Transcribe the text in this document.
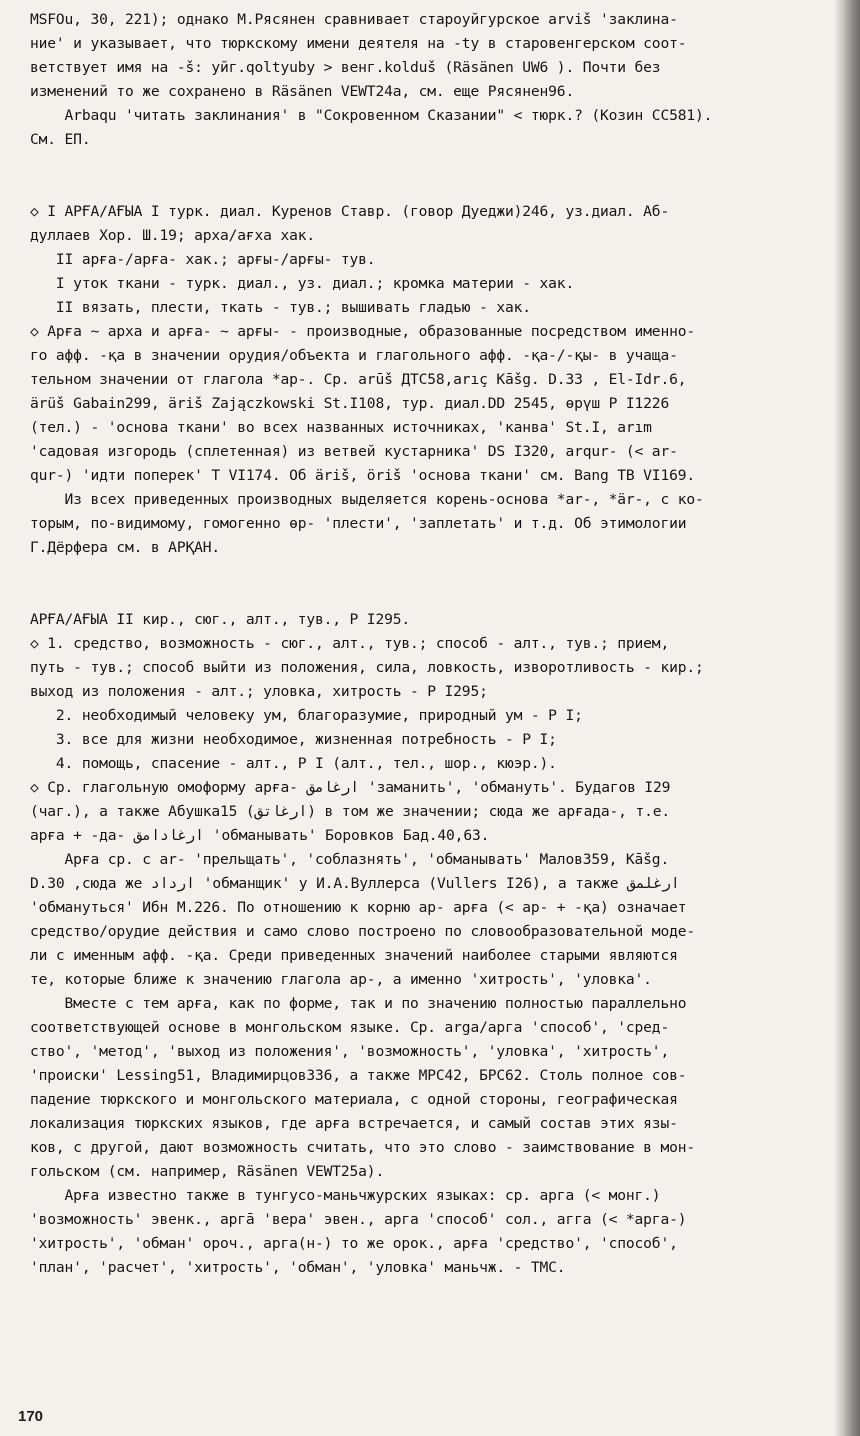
MSFOu, 30, 221); однако М.Рясянен сравнивает староуйгурское arviš 'заклина-
ние' и указывает, что тюркскому имени деятеля на -ty в старовенгерском соот-
ветствует имя на -š: уйг.qoltyuby > венг.kolduš (Räsänen UW6 ). Почти без
изменений то же сохранено в Räsänen VEWT24a, см. еще Рясянен96.
Arbaqu 'читать заклинания' в "Сокровенном Сказании" < тюрк.? (Козин СС581).
См. ЕП.
◇ I АРҒА/АҒЫА I турк. диал. Куренов Ставр. (говор Дуеджи)246, уз.диал. Аб-
дуллаев Хор. Ш.19; арха/ағха хак.
II арға-/арға- хак.; арғы-/арғы- тув.
I уток ткани - турк. диал., уз. диал.; кромка материи - хак.
II вязать, плести, ткать - тув.; вышивать гладью - хак.
◇ Арға ~ арха и арға- ~ арғы- - производные, образованные посредством именно-
го афф. -қа в значении орудия/объекта и глагольного афф. -қа-/-қы- в учаща-
тельном значении от глагола *ар-. Ср. arūš ДТС58,arıç Kāšg. D.33 , El-Idr.6,
ärüš Gabain299, äriš Zajączkowski St.I108, тур. диал.DD 2545, өрүш P I1226
(тел.) - 'основа ткани' во всех названных источниках, 'канва' St.I, arım
'садовая изгородь (сплетенная) из ветвей кустарника' DS I320, arqur- (< ar-
qur-) 'идти поперек' Т VI174. Об äriš, öriš 'основа ткани' см. Bang TB VI169.
Из всех приведенных производных выделяется корень-основа *ar-, *är-, с ко-
торым, по-видимому, гомогенно өр- 'плести', 'заплетать' и т.д. Об этимологии
Г.Дёрфера см. в АРҚАН.
АРҒА/АҒЫА II кир., сюг., алт., тув., Р I295.
◇ 1. средство, возможность - сюг., алт., тув.; способ - алт., тув.; прием,
путь - тув.; способ выйти из положения, сила, ловкость, изворотливость - кир.;
выход из положения - алт.; уловка, хитрость - Р I295;
2. необходимый человеку ум, благоразумие, природный ум - Р I;
3. все для жизни необходимое, жизненная потребность - Р I;
4. помощь, спасение - алт., Р I (алт., тел., шор., кюэр.).
◇ Ср. глагольную омоформу арға- ارغامق 'заманить', 'обмануть'. Будагов I29
(чаг.), а также Абушка15 (ارغاتق) в том же значении; сюда же арғада-, т.е.
арға + -да- ارغادامق 'обманывать' Боровков Бад.40,63.
Арға ср. с ar- 'прельщать', 'соблазнять', 'обманывать' Малов359, Kāšg.
D.30 ,сюда же ارداد 'обманщик' у И.А.Вуллерса (Vullers I26), а также ارغلمق
'обмануться' Ибн М.226. По отношению к корню ар- арға (< ар- + -қа) означает
средство/орудие действия и само слово построено по словообразовательной моде-
ли с именным афф. -қа. Среди приведенных значений наиболее старыми являются
те, которые ближе к значению глагола ар-, а именно 'хитрость', 'уловка'.
Вместе с тем арға, как по форме, так и по значению полностью параллельно
соответствующей основе в монгольском языке. Ср. arga/арга 'способ', 'сред-
ство', 'метод', 'выход из положения', 'возможность', 'уловка', 'хитрость',
'происки' Lessing51, Владимирцов336, а также МРС42, БРС62. Столь полное сов-
падение тюркского и монгольского материала, с одной стороны, географическая
локализация тюркских языков, где арға встречается, и самый состав этих язы-
ков, с другой, дают возможность считать, что это слово - заимствование в мон-
гольском (см. например, Räsänen VEWT25a).
Арға известно также в тунгусо-маньчжурских языках: ср. арга (< монг.)
'возможность' эвенк., аргā 'вера' эвен., арга 'способ' сол., агга (< *арга-)
'хитрость', 'обман' ороч., арга(н-) то же орок., арға 'средство', 'способ',
'план', 'расчет', 'хитрость', 'обман', 'уловка' маньчж. - ТМС.
170
